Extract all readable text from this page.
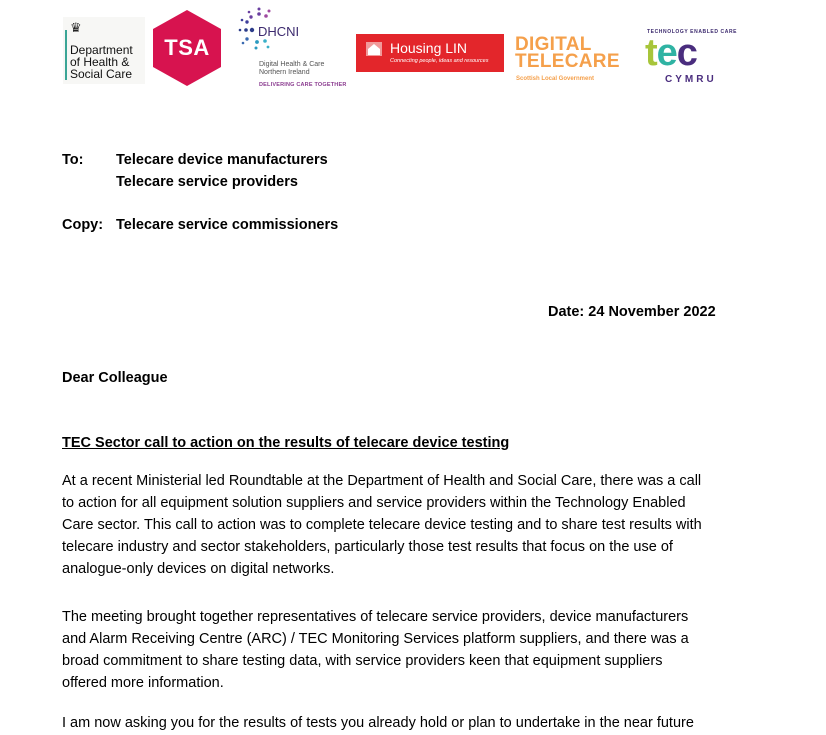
♛
Department
of Health &
Social Care
TSA
DHCNI
Digital Health & Care
Northern Ireland
DELIVERING CARE TOGETHER
Housing LIN
Connecting people, ideas and resources
DIGITAL
TELECARE
Scottish Local Government
TECHNOLOGY ENABLED CARE
tec
CYMRU
To: Telecare device manufacturers
Telecare service providers
Copy: Telecare service commissioners
Date: 24 November 2022
Dear Colleague
TEC Sector call to action on the results of telecare device testing
At a recent Ministerial led Roundtable at the Department of Health and Social Care, there was a call
to action for all equipment solution suppliers and service providers within the Technology Enabled
Care sector. This call to action was to complete telecare device testing and to share test results with
telecare industry and sector stakeholders, particularly those test results that focus on the use of
analogue-only devices on digital networks.
The meeting brought together representatives of telecare service providers, device manufacturers
and Alarm Receiving Centre (ARC) / TEC Monitoring Services platform suppliers, and there was a
broad commitment to share testing data, with service providers keen that equipment suppliers
offered more information.
I am now asking you for the results of tests you already hold or plan to undertake in the near future
